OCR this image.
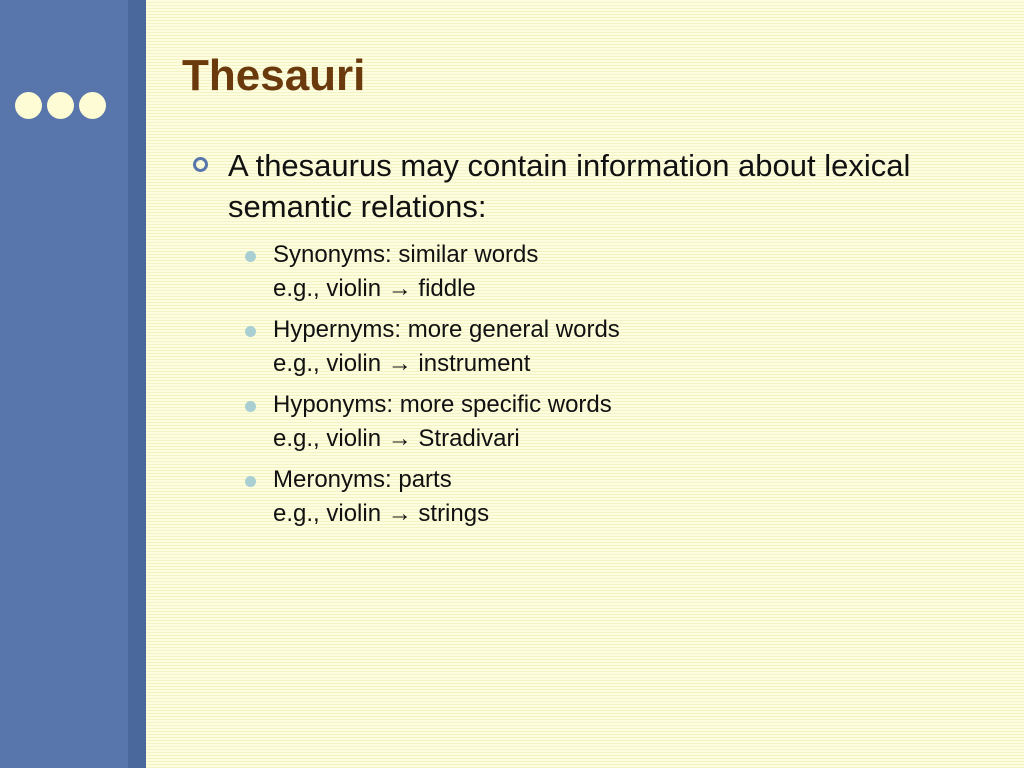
Thesauri
A thesaurus may contain information about lexical semantic relations:
Synonyms: similar words
e.g., violin → fiddle
Hypernyms: more general words
e.g., violin → instrument
Hyponyms: more specific words
e.g., violin → Stradivari
Meronyms: parts
e.g., violin → strings
